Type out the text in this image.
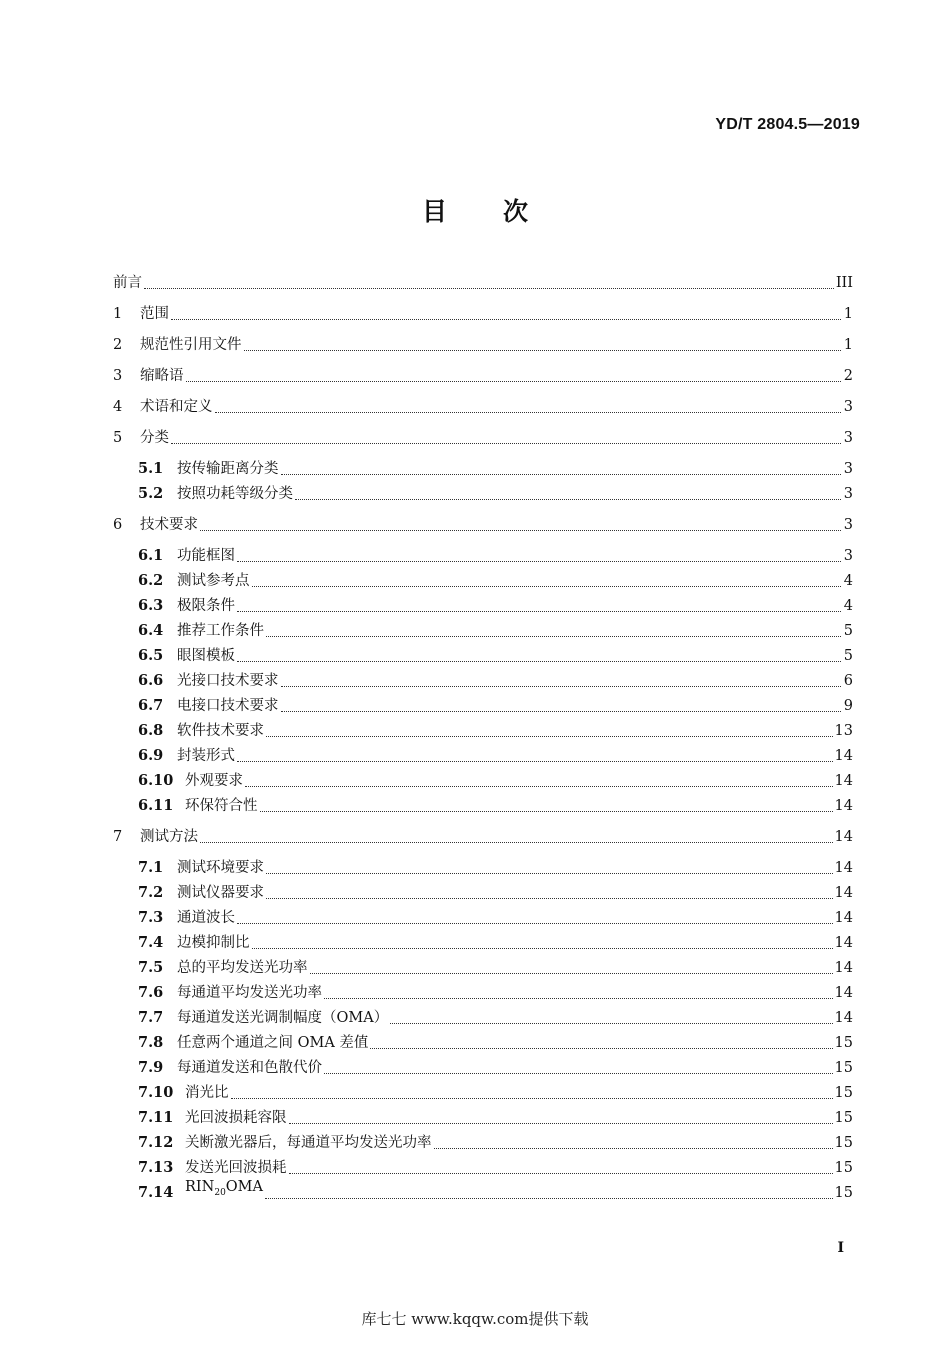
YD/T 2804.5—2019
目 次
前言	III
1	范围	1
2	规范性引用文件	1
3	缩略语	2
4	术语和定义	3
5	分类	3
5.1 按传输距离分类	3
5.2 按照功耗等级分类	3
6	技术要求	3
6.1 功能框图	3
6.2 测试参考点	4
6.3 极限条件	4
6.4 推荐工作条件	5
6.5 眼图模板	5
6.6 光接口技术要求	6
6.7 电接口技术要求	9
6.8 软件技术要求	13
6.9 封装形式	14
6.10 外观要求	14
6.11 环保符合性	14
7	测试方法	14
7.1 测试环境要求	14
7.2 测试仪器要求	14
7.3 通道波长	14
7.4 边模抑制比	14
7.5 总的平均发送光功率	14
7.6 每通道平均发送光功率	14
7.7 每通道发送光调制幅度（OMA）	14
7.8 任意两个通道之间 OMA 差值	15
7.9 每通道发送和色散代价	15
7.10 消光比	15
7.11 光回波损耗容限	15
7.12 关断激光器后，每通道平均发送光功率	15
7.13 发送光回波损耗	15
7.14 $RIN_{20}OMA$	15
I
库七七 www.kqqw.com提供下载
